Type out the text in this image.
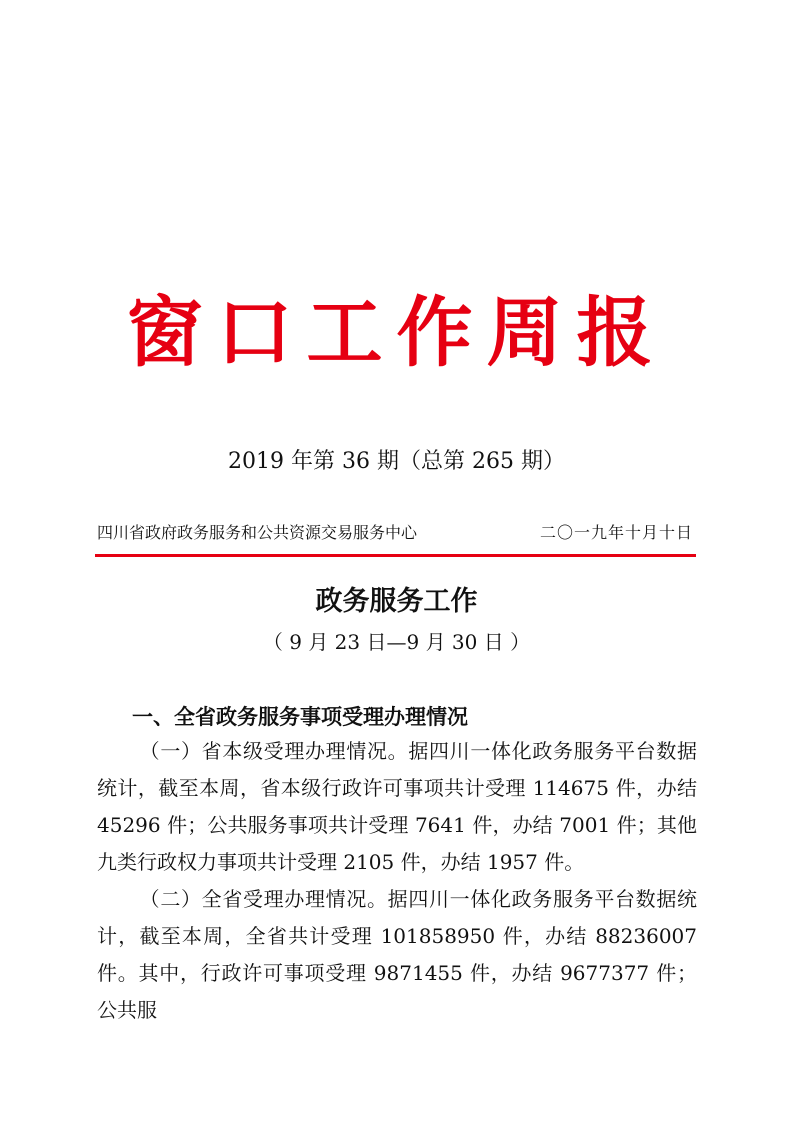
窗口工作周报
2019 年第 36 期（总第 265 期）
四川省政府政务服务和公共资源交易服务中心	二〇一九年十月十日
政务服务工作
（ 9 月 23 日—9 月 30 日 ）
一、全省政务服务事项受理办理情况
（一）省本级受理办理情况。据四川一体化政务服务平台数据统计，截至本周，省本级行政许可事项共计受理 114675 件，办结 45296 件；公共服务事项共计受理 7641 件，办结 7001 件；其他九类行政权力事项共计受理 2105 件，办结 1957 件。
（二）全省受理办理情况。据四川一体化政务服务平台数据统计，截至本周，全省共计受理 101858950 件，办结 88236007 件。其中，行政许可事项受理 9871455 件，办结 9677377 件；公共服
